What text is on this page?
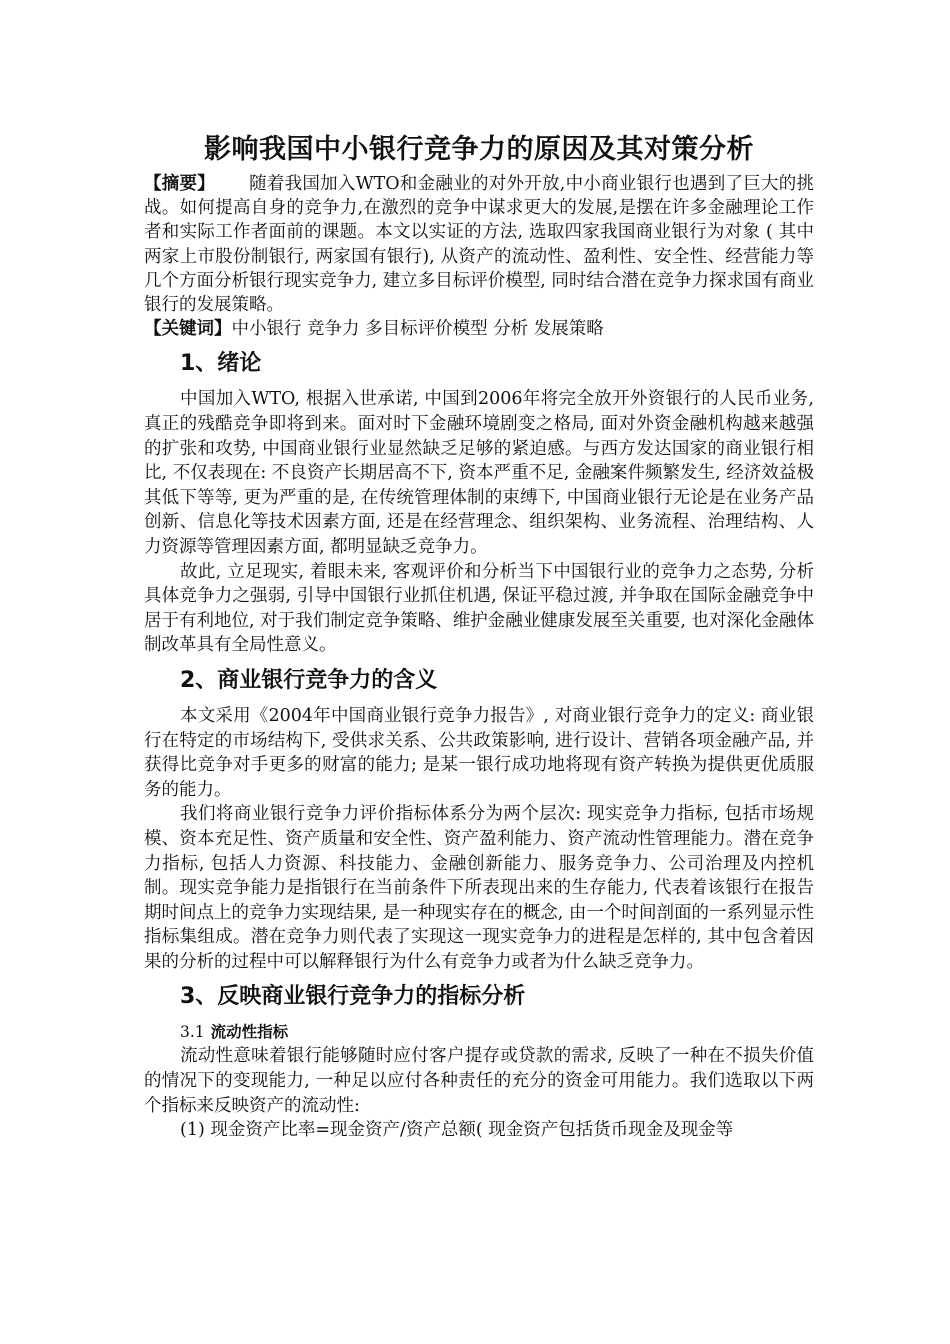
影响我国中小银行竞争力的原因及其对策分析

【摘要】 随着我国加入WTO和金融业的对外开放,中小商业银行也遇到了巨大的挑战。如何提高自身的竞争力,在激烈的竞争中谋求更大的发展,是摆在许多金融理论工作者和实际工作者面前的课题。本文以实证的方法, 选取四家我国商业银行为对象 ( 其中两家上市股份制银行, 两家国有银行), 从资产的流动性、盈利性、安全性、经营能力等几个方面分析银行现实竞争力, 建立多目标评价模型, 同时结合潜在竞争力探求国有商业银行的发展策略。

【关键词】中小银行 竞争力 多目标评价模型 分析 发展策略

1、绪论

中国加入WTO, 根据入世承诺, 中国到2006年将完全放开外资银行的人民币业务, 真正的残酷竞争即将到来。面对时下金融环境剧变之格局, 面对外资金融机构越来越强的扩张和攻势, 中国商业银行业显然缺乏足够的紧迫感。与西方发达国家的商业银行相比, 不仅表现在: 不良资产长期居高不下, 资本严重不足, 金融案件频繁发生, 经济效益极其低下等等, 更为严重的是, 在传统管理体制的束缚下, 中国商业银行无论是在业务产品创新、信息化等技术因素方面, 还是在经营理念、组织架构、业务流程、治理结构、人力资源等管理因素方面, 都明显缺乏竞争力。

故此, 立足现实, 着眼未来, 客观评价和分析当下中国银行业的竞争力之态势, 分析具体竞争力之强弱, 引导中国银行业抓住机遇, 保证平稳过渡, 并争取在国际金融竞争中居于有利地位, 对于我们制定竞争策略、维护金融业健康发展至关重要, 也对深化金融体制改革具有全局性意义。

2、商业银行竞争力的含义

本文采用《2004年中国商业银行竞争力报告》, 对商业银行竞争力的定义: 商业银行在特定的市场结构下, 受供求关系、公共政策影响, 进行设计、营销各项金融产品, 并获得比竞争对手更多的财富的能力; 是某一银行成功地将现有资产转换为提供更优质服务的能力。

我们将商业银行竞争力评价指标体系分为两个层次: 现实竞争力指标, 包括市场规模、资本充足性、资产质量和安全性、资产盈利能力、资产流动性管理能力。潜在竞争力指标, 包括人力资源、科技能力、金融创新能力、服务竞争力、公司治理及内控机制。现实竞争能力是指银行在当前条件下所表现出来的生存能力, 代表着该银行在报告期时间点上的竞争力实现结果, 是一种现实存在的概念, 由一个时间剖面的一系列显示性指标集组成。潜在竞争力则代表了实现这一现实竞争力的进程是怎样的, 其中包含着因果的分析的过程中可以解释银行为什么有竞争力或者为什么缺乏竞争力。

3、反映商业银行竞争力的指标分析
3.1 流动性指标

流动性意味着银行能够随时应付客户提存或贷款的需求, 反映了一种在不损失价值的情况下的变现能力, 一种足以应付各种责任的充分的资金可用能力。我们选取以下两个指标来反映资产的流动性:

(1) 现金资产比率=现金资产/资产总额( 现金资产包括货币现金及现金等
